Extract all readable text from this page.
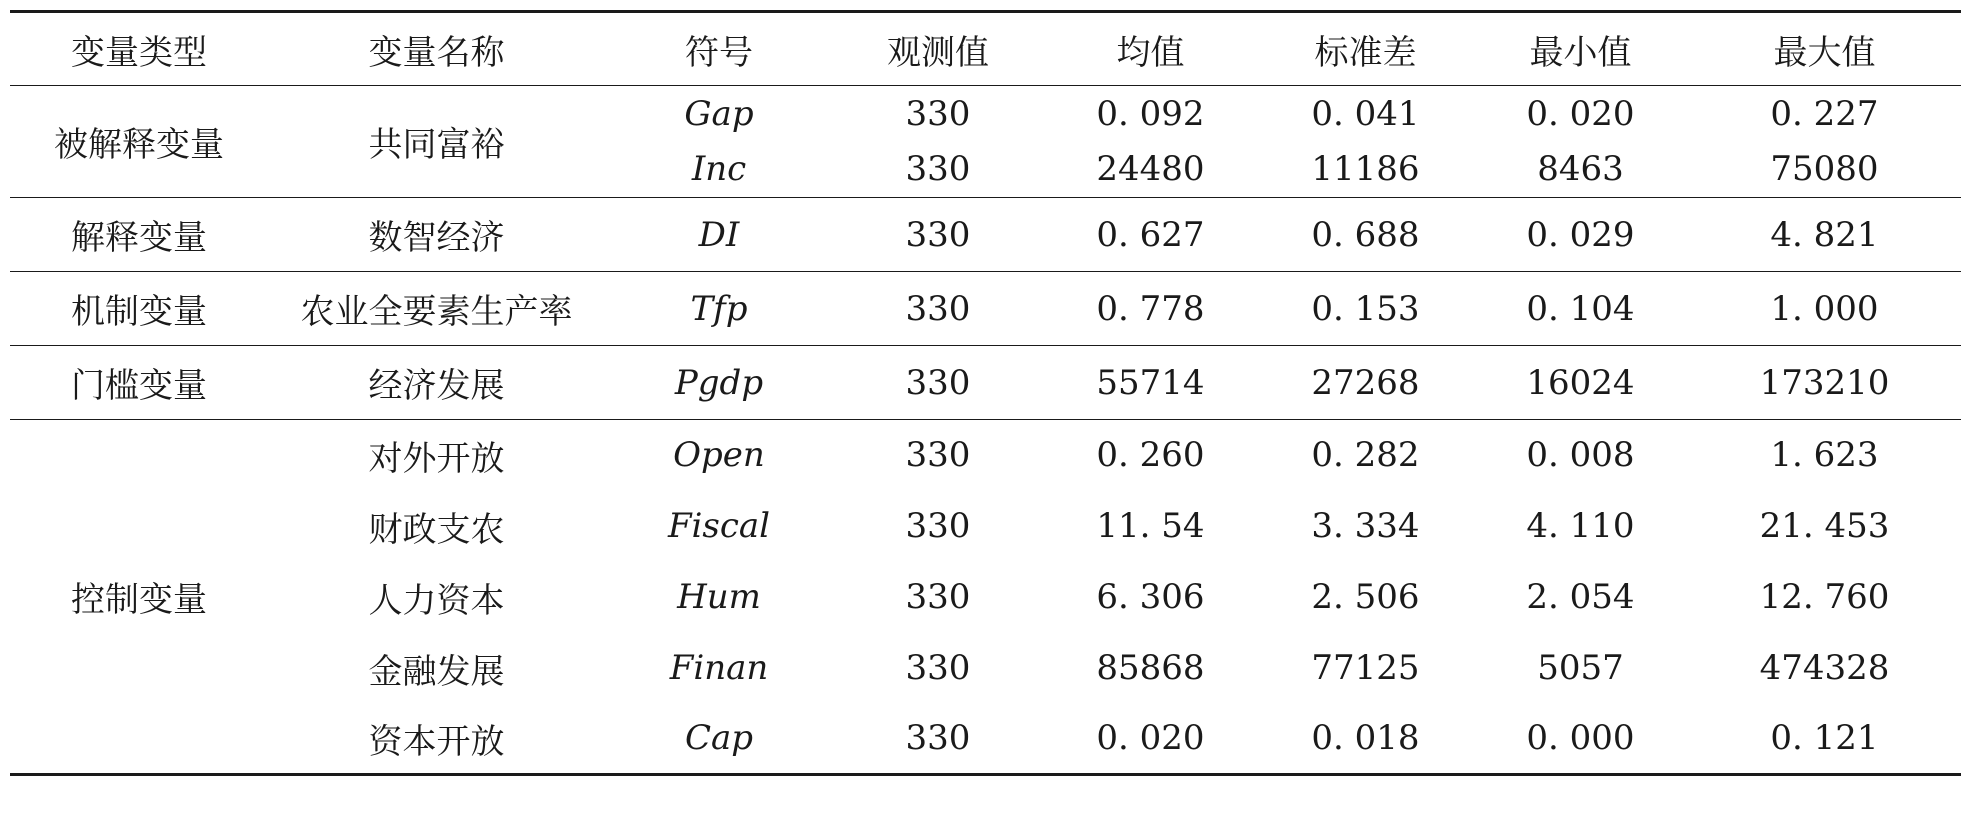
变量类型	变量名称	符号	观测值	均值	标准差	最小值	最大值
被解释变量	共同富裕	Gap	330	0. 092	0. 041	0. 020	0. 227
		Inc	330	24480	11186	8463	75080
解释变量	数智经济	DI	330	0. 627	0. 688	0. 029	4. 821
机制变量	农业全要素生产率	Tfp	330	0. 778	0. 153	0. 104	1. 000
门槛变量	经济发展	Pgdp	330	55714	27268	16024	173210
控制变量	对外开放	Open	330	0. 260	0. 282	0. 008	1. 623
	财政支农	Fiscal	330	11. 54	3. 334	4. 110	21. 453
	人力资本	Hum	330	6. 306	2. 506	2. 054	12. 760
	金融发展	Finan	330	85868	77125	5057	474328
	资本开放	Cap	330	0. 020	0. 018	0. 000	0. 121
